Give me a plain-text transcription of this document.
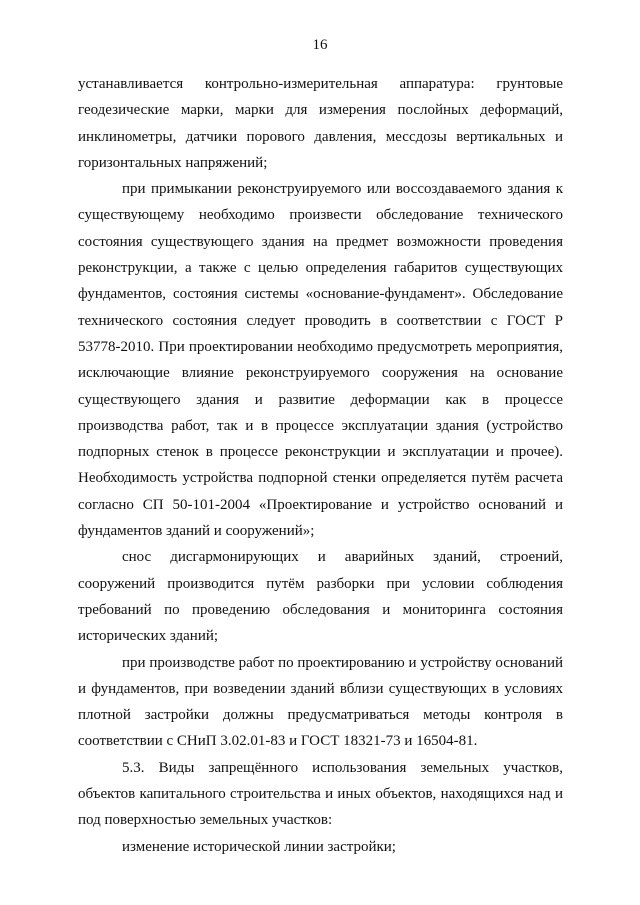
16

устанавливается контрольно-измерительная аппаратура: грунтовые геодезические марки, марки для измерения послойных деформаций, инклинометры, датчики порового давления, мессдозы вертикальных и горизонтальных напряжений;

при примыкании реконструируемого или воссоздаваемого здания к существующему необходимо произвести обследование технического состояния существующего здания на предмет возможности проведения реконструкции, а также с целью определения габаритов существующих фундаментов, состояния системы «основание-фундамент». Обследование технического состояния следует проводить в соответствии с ГОСТ Р 53778-2010. При проектировании необходимо предусмотреть мероприятия, исключающие влияние реконструируемого сооружения на основание существующего здания и развитие деформации как в процессе производства работ, так и в процессе эксплуатации здания (устройство подпорных стенок в процессе реконструкции и эксплуатации и прочее). Необходимость устройства подпорной стенки определяется путём расчета согласно СП 50-101-2004 «Проектирование и устройство оснований и фундаментов зданий и сооружений»;

снос дисгармонирующих и аварийных зданий, строений, сооружений производится путём разборки при условии соблюдения требований по проведению обследования и мониторинга состояния исторических зданий;

при производстве работ по проектированию и устройству оснований и фундаментов, при возведении зданий вблизи существующих в условиях плотной застройки должны предусматриваться методы контроля в соответствии с СНиП 3.02.01-83 и ГОСТ 18321-73 и 16504-81.

5.3. Виды запрещённого использования земельных участков, объектов капитального строительства и иных объектов, находящихся над и под поверхностью земельных участков:

изменение исторической линии застройки;
